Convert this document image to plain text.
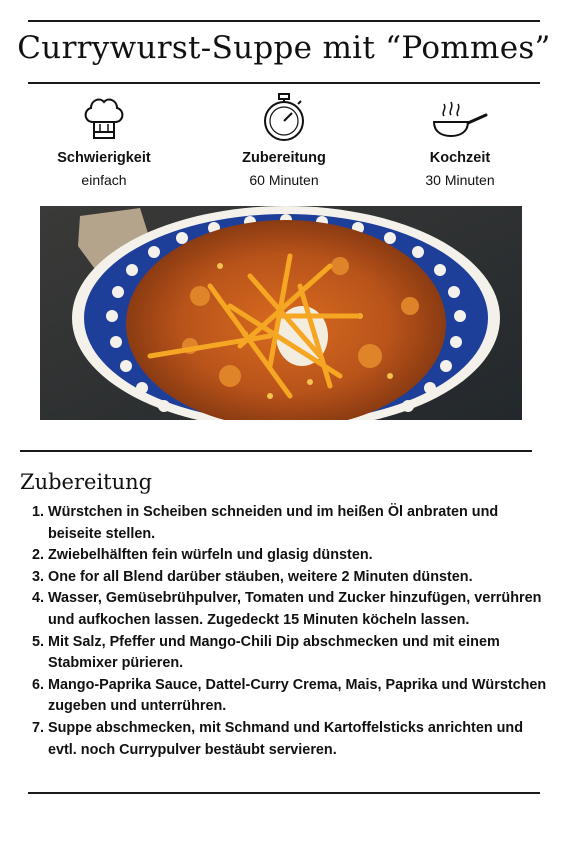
Currywurst-Suppe mit “Pommes”
Schwierigkeit
einfach
Zubereitung
60 Minuten
Kochzeit
30 Minuten
Zubereitung
1. Würstchen in Scheiben schneiden und im heißen Öl anbraten und beiseite stellen.
2. Zwiebelhälften fein würfeln und glasig dünsten.
3. One for all Blend darüber stäuben, weitere 2 Minuten dünsten.
4. Wasser, Gemüsebrühpulver, Tomaten und Zucker hinzufügen, verrühren und aufkochen lassen. Zugedeckt 15 Minuten köcheln lassen.
5. Mit Salz, Pfeffer und Mango-Chili Dip abschmecken und mit einem Stabmixer pürieren.
6. Mango-Paprika Sauce, Dattel-Curry Crema, Mais, Paprika und Würstchen zugeben und unterrühren.
7. Suppe abschmecken, mit Schmand und Kartoffelsticks anrichten und evtl. noch Currypulver bestäubt servieren.
